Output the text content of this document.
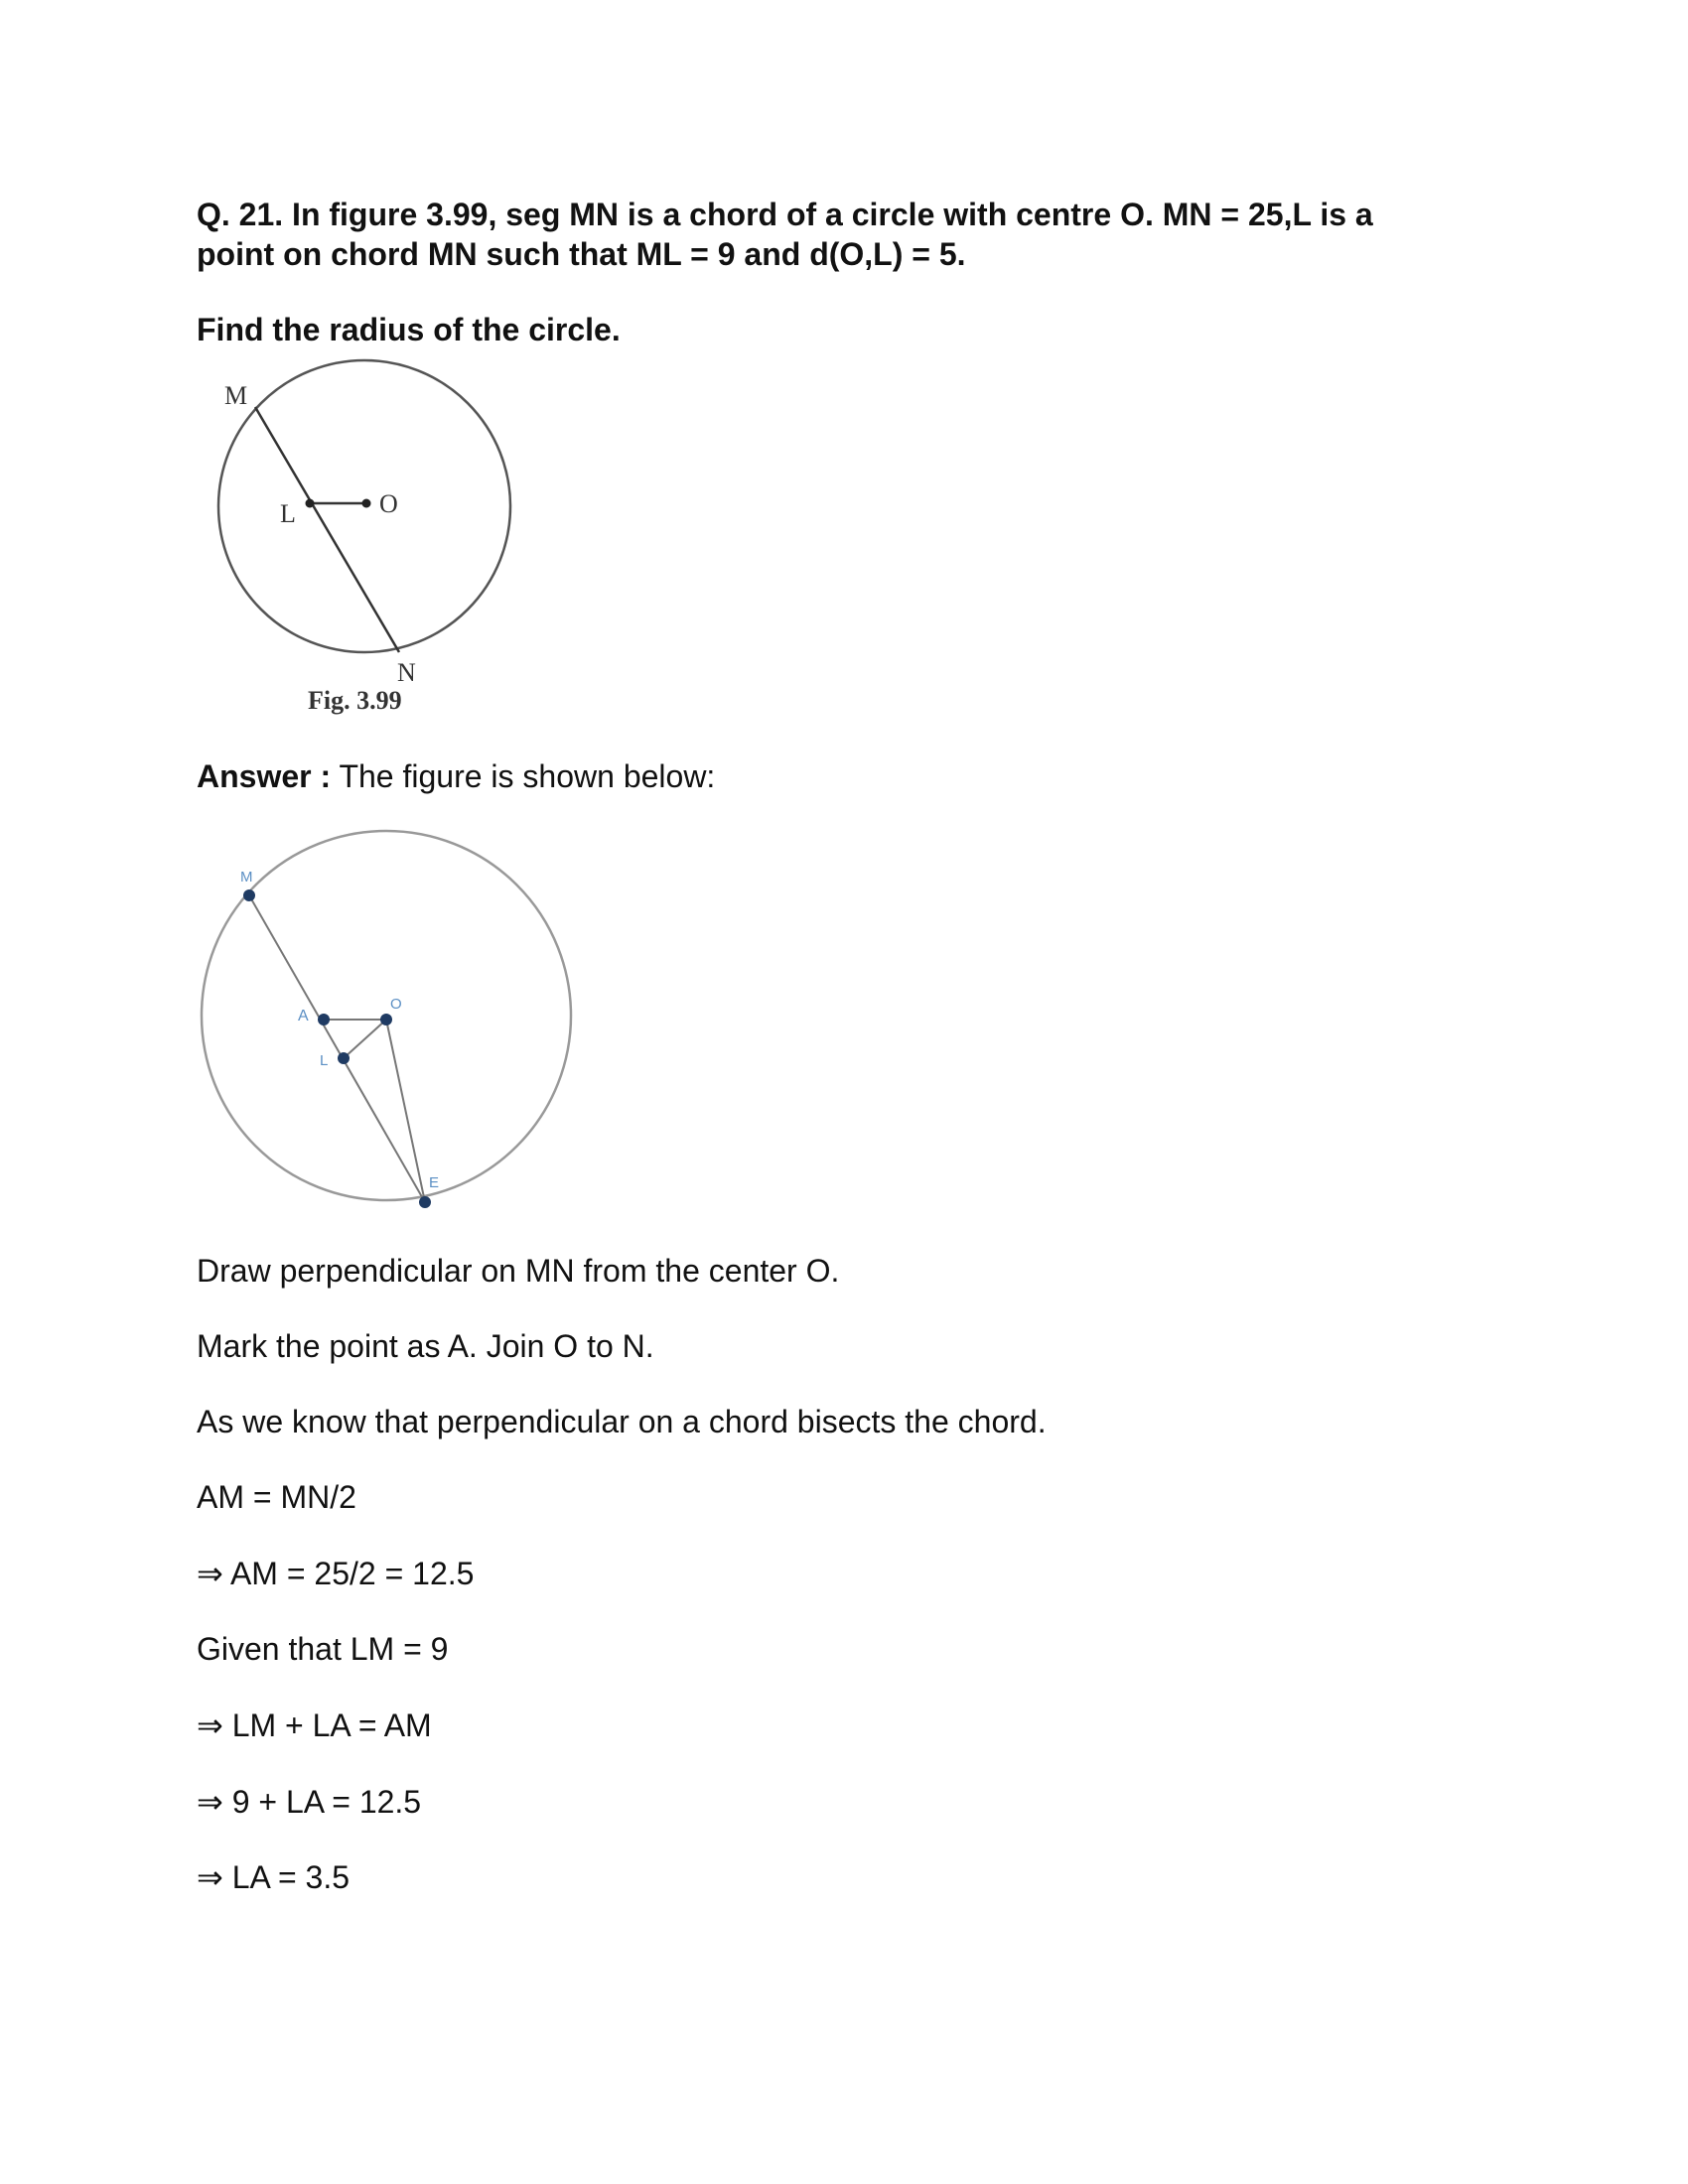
Q. 21. In figure 3.99, seg MN is a chord of a circle with centre O. MN = 25,L is a point on chord MN such that ML = 9 and d(O,L) = 5.

Find the radius of the circle.

M
L	O
N
Fig. 3.99

Answer : The figure is shown below:

M
A
O
L
E

Draw perpendicular on MN from the center O.

Mark the point as A. Join O to N.

As we know that perpendicular on a chord bisects the chord.

AM = MN/2

⇒ AM = 25/2 = 12.5

Given that LM = 9

⇒ LM + LA = AM

⇒ 9 + LA = 12.5

⇒ LA = 3.5
